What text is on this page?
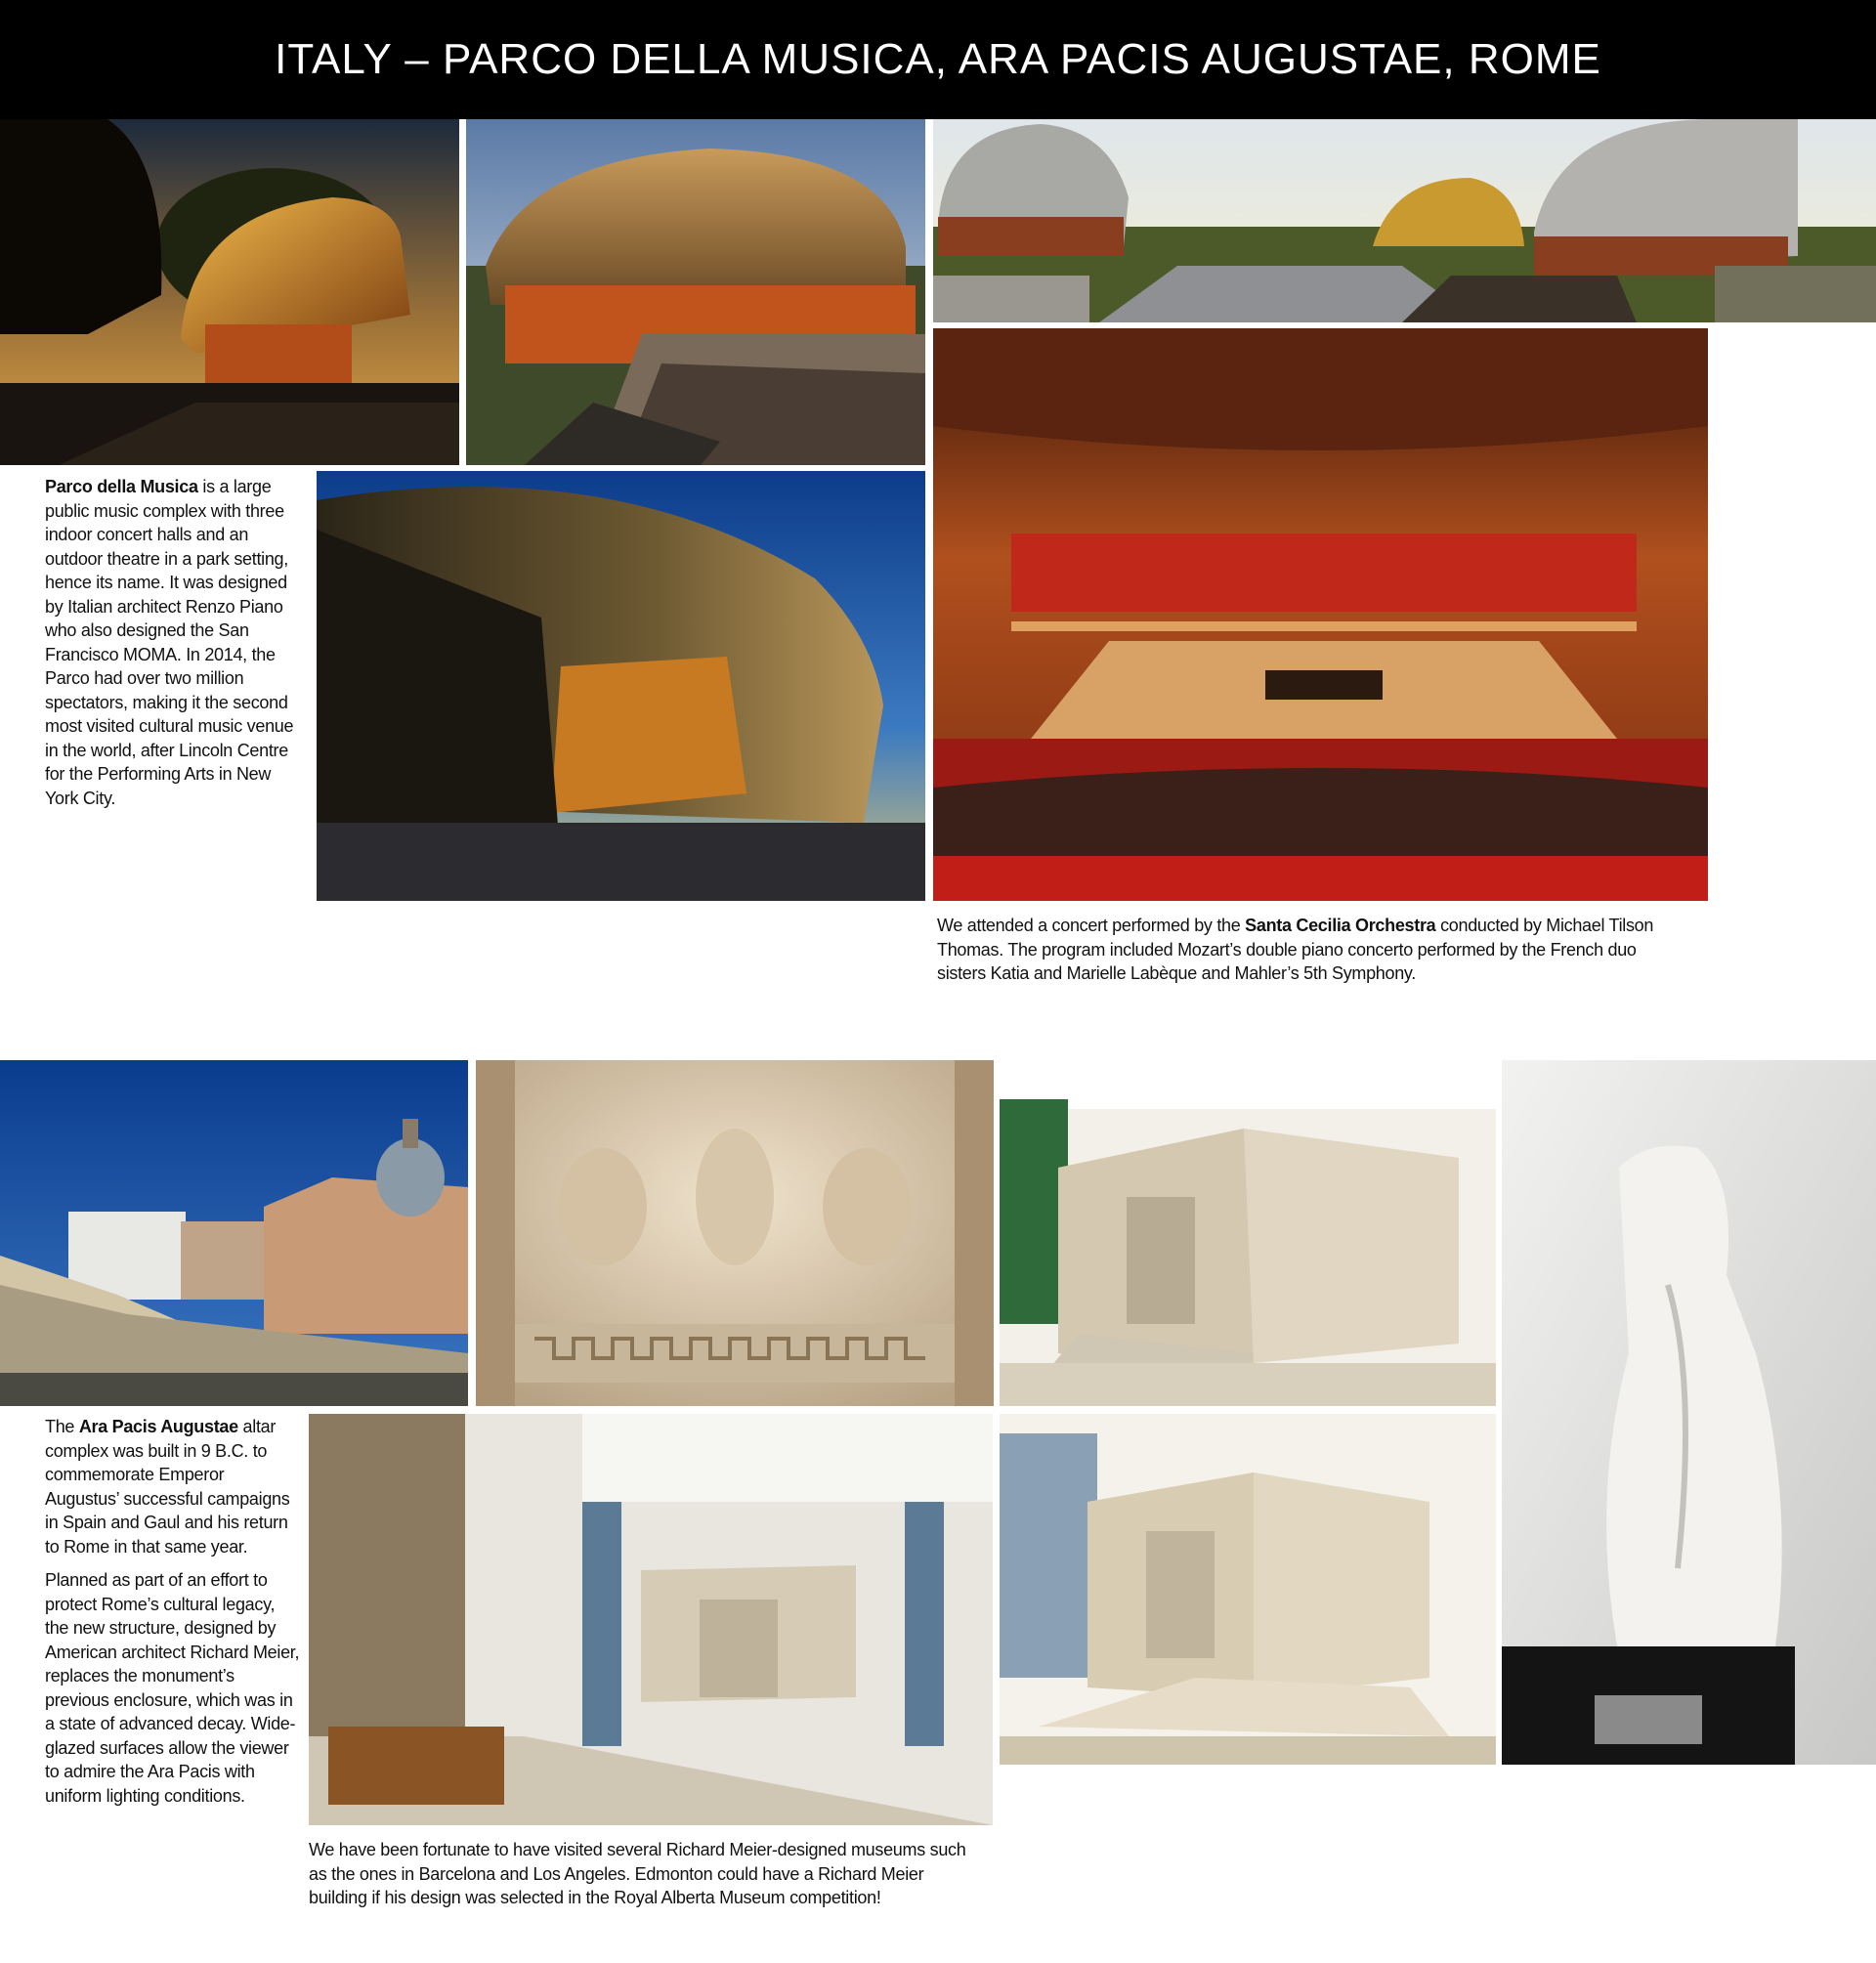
ITALY – PARCO DELLA MUSICA, ARA PACIS AUGUSTAE, ROME

Parco della Musica is a large public music complex with three indoor concert halls and an outdoor theatre in a park setting, hence its name. It was designed by Italian architect Renzo Piano who also designed the San Francisco MOMA. In 2014, the Parco had over two million spectators, making it the second most visited cultural music venue in the world, after Lincoln Centre for the Performing Arts in New York City.

We attended a concert performed by the Santa Cecilia Orchestra conducted by Michael Tilson Thomas. The program included Mozart’s double piano concerto performed by the French duo sisters Katia and Marielle Labèque and Mahler’s 5th Symphony.

The Ara Pacis Augustae altar complex was built in 9 B.C. to commemorate Emperor Augustus’ successful campaigns in Spain and Gaul and his return to Rome in that same year.

Planned as part of an effort to protect Rome’s cultural legacy, the new structure, designed by American architect Richard Meier, replaces the monument’s previous enclosure, which was in a state of advanced decay. Wide-glazed surfaces allow the viewer to admire the Ara Pacis with uniform lighting conditions.

We have been fortunate to have visited several Richard Meier-designed museums such as the ones in Barcelona and Los Angeles. Edmonton could have a Richard Meier building if his design was selected in the Royal Alberta Museum competition!
